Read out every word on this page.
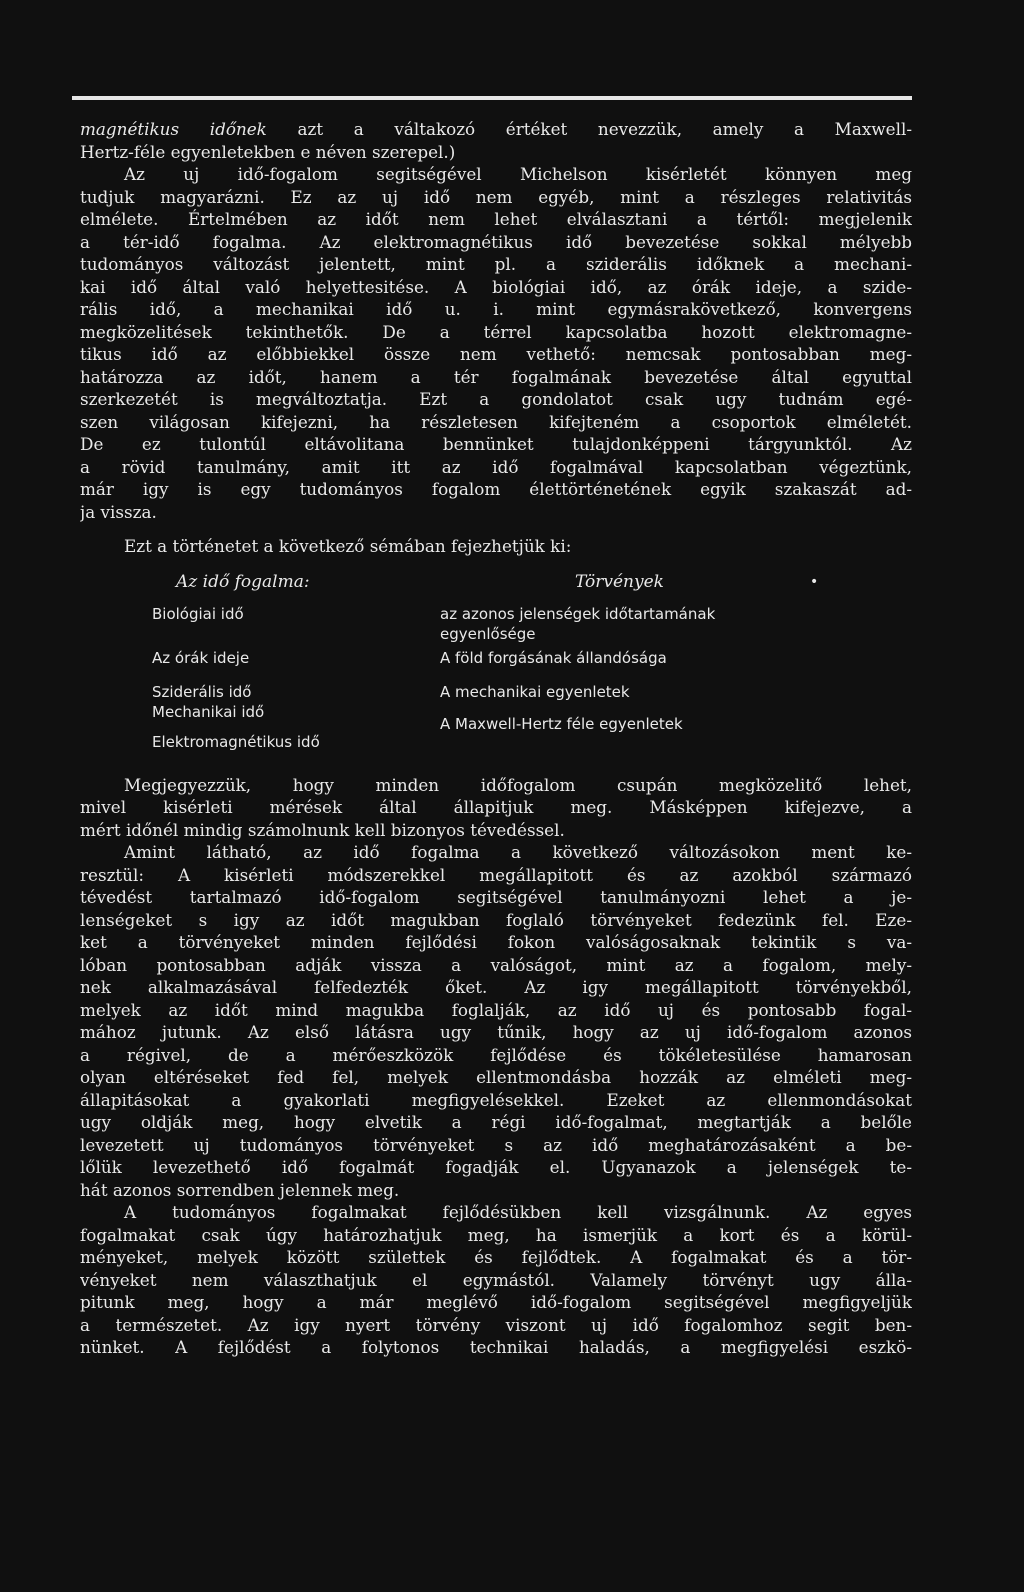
magnétikus időnek azt a váltakozó értéket nevezzük, amely a Maxwell-
Hertz-féle egyenletekben e néven szerepel.)

Az uj idő-fogalom segitségével Michelson kisérletét könnyen meg
tudjuk magyarázni. Ez az uj idő nem egyéb, mint a részleges relativitás
elmélete. Értelmében az időt nem lehet elválasztani a tértől: megjelenik
a tér-idő fogalma. Az elektromagnétikus idő bevezetése sokkal mélyebb
tudományos változást jelentett, mint pl. a sziderális időknek a mechani-
kai idő által való helyettesitése. A biológiai idő, az órák ideje, a szide-
rális idő, a mechanikai idő u. i. mint egymásrakövetkező, konvergens
megközelitések tekinthetők. De a térrel kapcsolatba hozott elektromagne-
tikus idő az előbbiekkel össze nem vethető: nemcsak pontosabban meg-
határozza az időt, hanem a tér fogalmának bevezetése által egyuttal
szerkezetét is megváltoztatja. Ezt a gondolatot csak ugy tudnám egé-
szen világosan kifejezni, ha részletesen kifejteném a csoportok elméletét.
De ez tulontúl eltávolitana bennünket tulajdonképpeni tárgyunktól. Az
a rövid tanulmány, amit itt az idő fogalmával kapcsolatban végeztünk,
már igy is egy tudományos fogalom élettörténetének egyik szakaszát ad-
ja vissza.

Ezt a történetet a következő sémában fejezhetjük ki:

Az idő fogalma:	Törvények	•
Biológiai idő
Az órák ideje
Sziderális idő
Mechanikai idő
Elektromagnétikus idő
az azonos jelenségek időtartamának
egyenlősége
A föld forgásának állandósága
A mechanikai egyenletek
A Maxwell-Hertz féle egyenletek

Megjegyezzük, hogy minden időfogalom csupán megközelitő lehet,
mivel kisérleti mérések által állapitjuk meg. Másképpen kifejezve, a
mért időnél mindig számolnunk kell bizonyos tévedéssel.

Amint látható, az idő fogalma a következő változásokon ment ke-
resztül: A kisérleti módszerekkel megállapitott és az azokból származó
tévedést tartalmazó idő-fogalom segitségével tanulmányozni lehet a je-
lenségeket s igy az időt magukban foglaló törvényeket fedezünk fel. Eze-
ket a törvényeket minden fejlődési fokon valóságosaknak tekintik s va-
lóban pontosabban adják vissza a valóságot, mint az a fogalom, mely-
nek alkalmazásával felfedezték őket. Az igy megállapitott törvényekből,
melyek az időt mind magukba foglalják, az idő uj és pontosabb fogal-
mához jutunk. Az első látásra ugy tűnik, hogy az uj idő-fogalom azonos
a régivel, de a mérőeszközök fejlődése és tökéletesülése hamarosan
olyan eltéréseket fed fel, melyek ellentmondásba hozzák az elméleti meg-
állapitásokat a gyakorlati megfigyelésekkel. Ezeket az ellenmondásokat
ugy oldják meg, hogy elvetik a régi idő-fogalmat, megtartják a belőle
levezetett uj tudományos törvényeket s az idő meghatározásaként a be-
lőlük levezethető idő fogalmát fogadják el. Ugyanazok a jelenségek te-
hát azonos sorrendben jelennek meg.

A tudományos fogalmakat fejlődésükben kell vizsgálnunk. Az egyes
fogalmakat csak úgy határozhatjuk meg, ha ismerjük a kort és a körül-
ményeket, melyek között születtek és fejlődtek. A fogalmakat és a tör-
vényeket nem választhatjuk el egymástól. Valamely törvényt ugy álla-
pitunk meg, hogy a már meglévő idő-fogalom segitségével megfigyeljük
a természetet. Az igy nyert törvény viszont uj idő fogalomhoz segit ben-
nünket. A fejlődést a folytonos technikai haladás, a megfigyelési eszkö-
